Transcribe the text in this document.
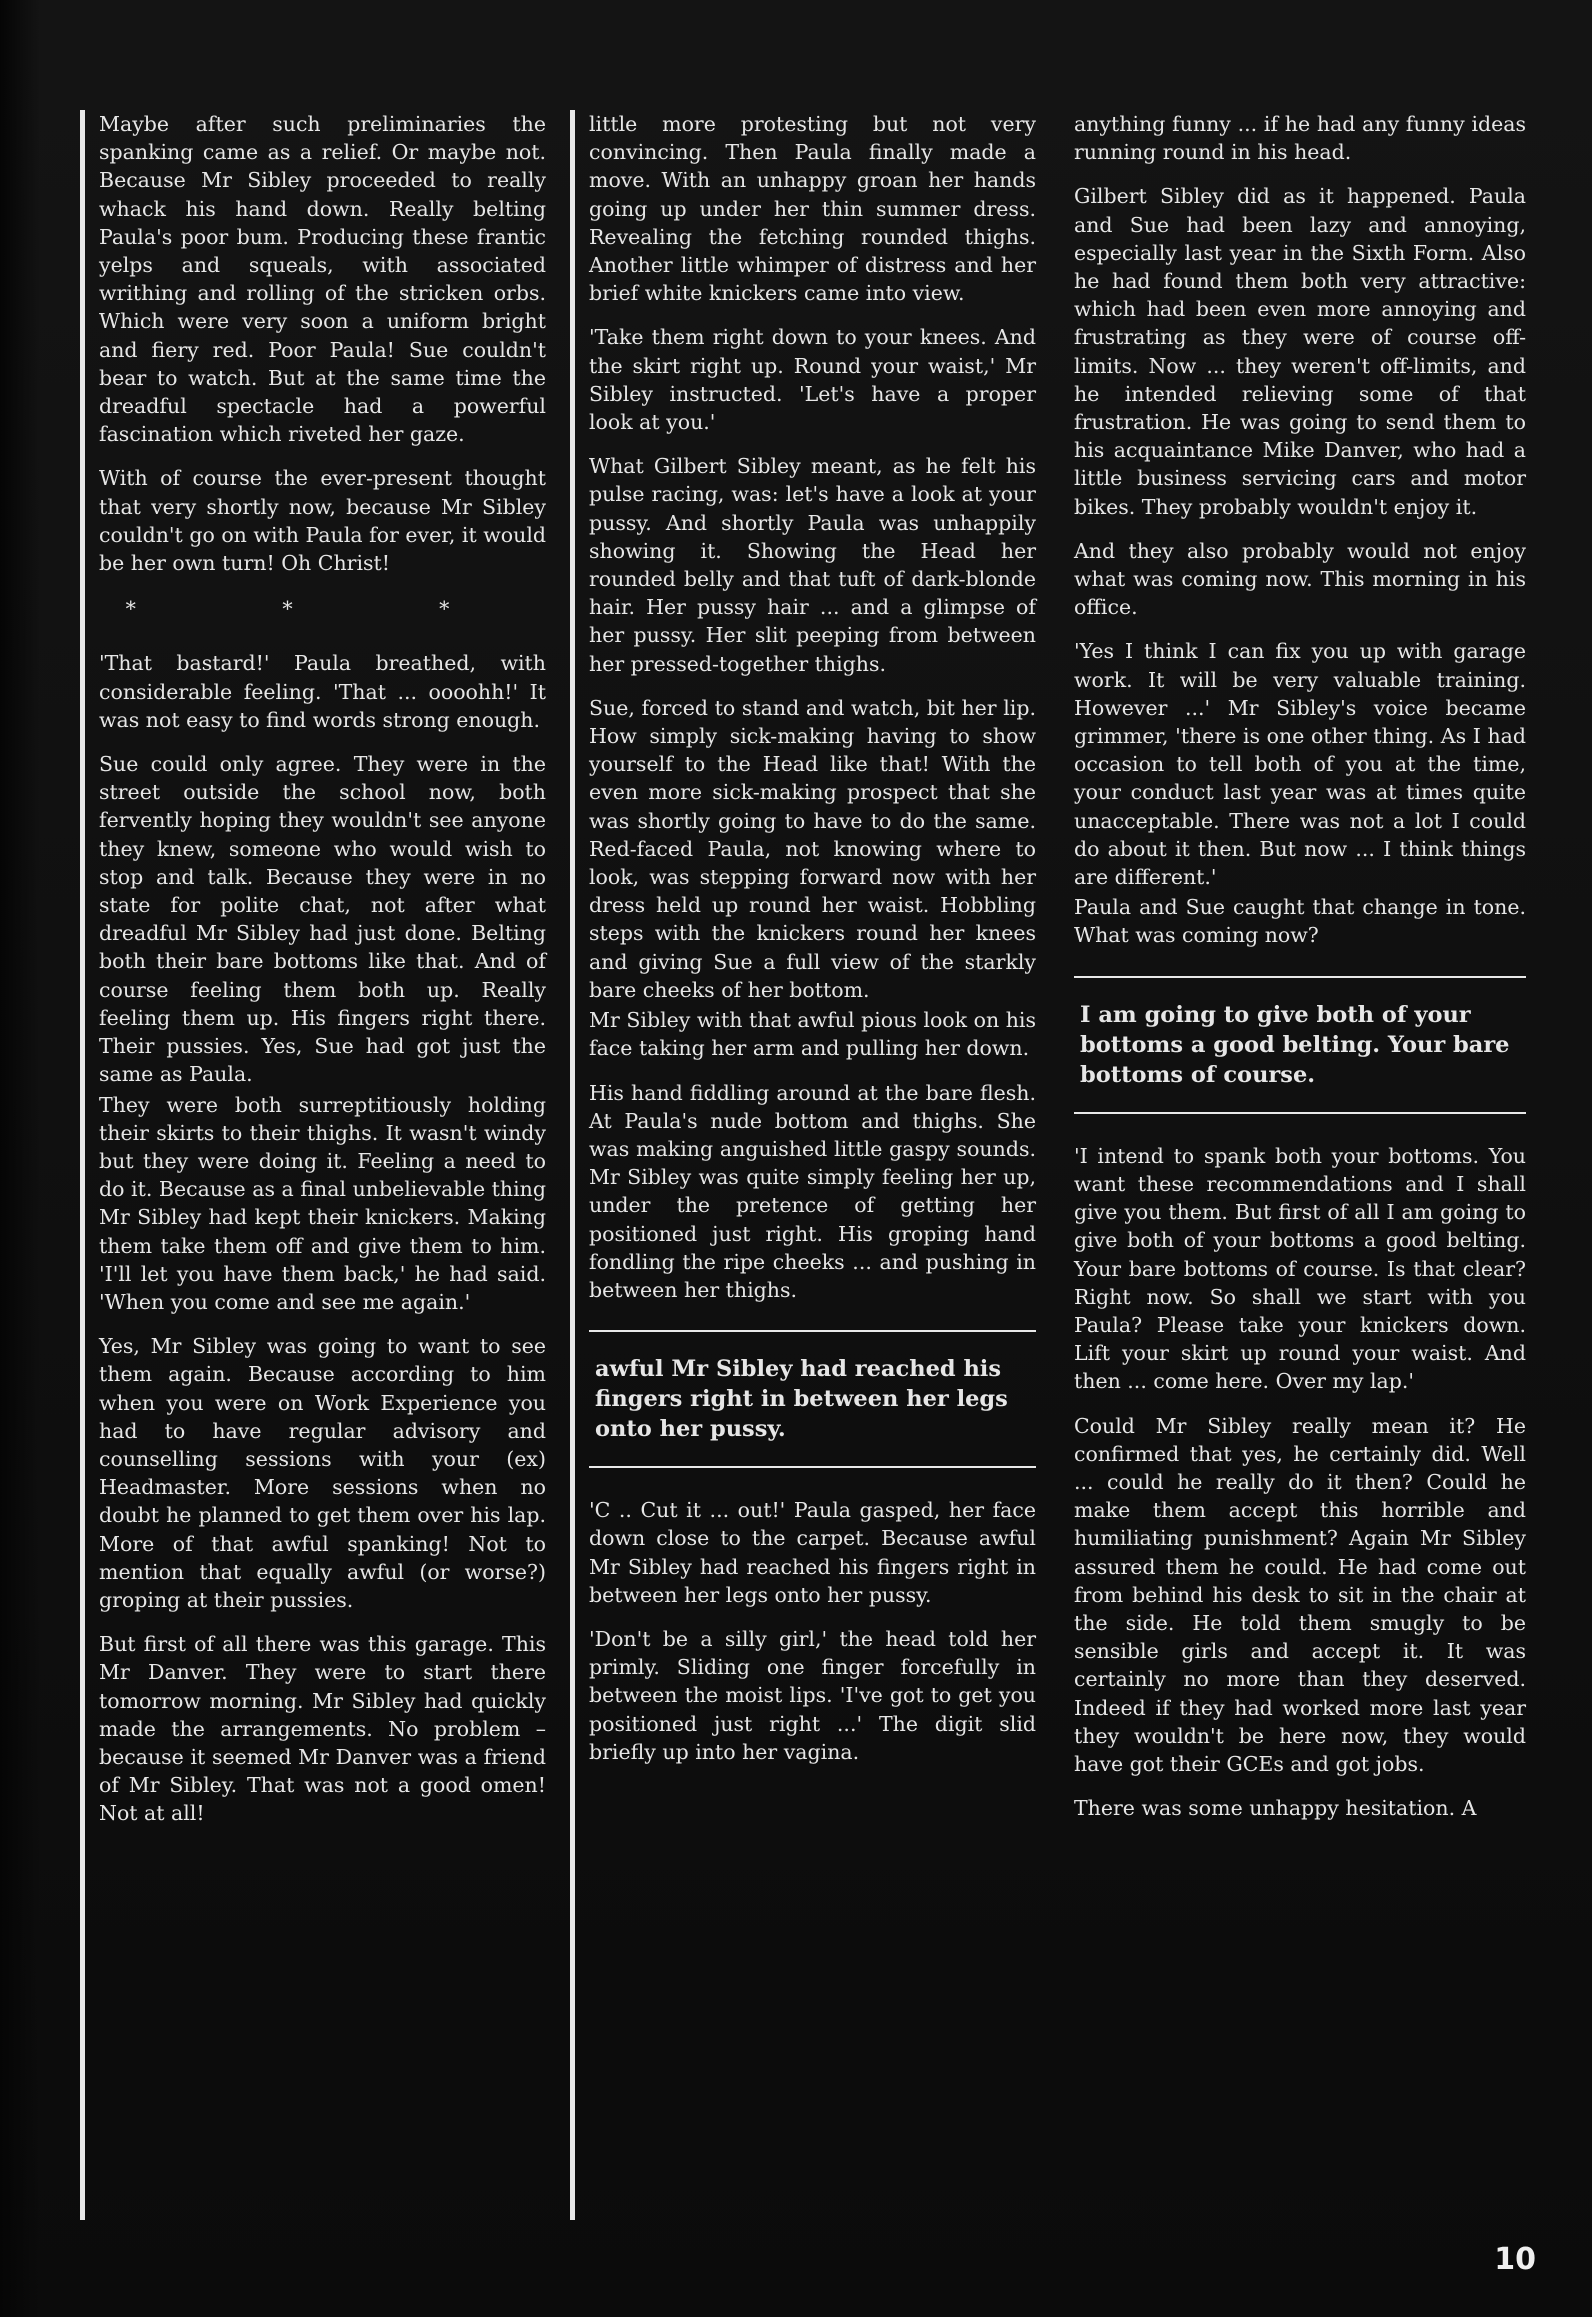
anything funny ... if he had any funny ideas running round in his head.

Gilbert Sibley did as it happened. Paula and Sue had been lazy and annoying, especially last year in the Sixth Form. Also he had found them both very attractive: which had been even more annoying and frustrating as they were of course off-limits. Now ... they weren't off-limits, and he intended relieving some of that frustration. He was going to send them to his acquaintance Mike Danver, who had a little business servicing cars and motor bikes. They probably wouldn't enjoy it.

And they also probably would not enjoy what was coming now. This morning in his office.

'Yes I think I can fix you up with garage work. It will be very valuable training. However ...' Mr Sibley's voice became grimmer, 'there is one other thing. As I had occasion to tell both of you at the time, your conduct last year was at times quite unacceptable. There was not a lot I could do about it then. But now ... I think things are different.'

Paula and Sue caught that change in tone. What was coming now?

I am going to give both of your bottoms a good belting. Your bare bottoms of course.

'I intend to spank both your bottoms. You want these recommendations and I shall give you them. But first of all I am going to give both of your bottoms a good belting. Your bare bottoms of course. Is that clear? Right now. So shall we start with you Paula? Please take your knickers down. Lift your skirt up round your waist. And then ... come here. Over my lap.'

Could Mr Sibley really mean it? He confirmed that yes, he certainly did. Well ... could he really do it then? Could he make them accept this horrible and humiliating punishment? Again Mr Sibley assured them he could. He had come out from behind his desk to sit in the chair at the side. He told them smugly to be sensible girls and accept it. It was certainly no more than they deserved. Indeed if they had worked more last year they wouldn't be here now, they would have got their GCEs and got jobs.

There was some unhappy hesitation. A

little more protesting but not very convincing. Then Paula finally made a move. With an unhappy groan her hands going up under her thin summer dress. Revealing the fetching rounded thighs. Another little whimper of distress and her brief white knickers came into view.

'Take them right down to your knees. And the skirt right up. Round your waist,' Mr Sibley instructed. 'Let's have a proper look at you.'

What Gilbert Sibley meant, as he felt his pulse racing, was: let's have a look at your pussy. And shortly Paula was unhappily showing it. Showing the Head her rounded belly and that tuft of dark-blonde hair. Her pussy hair ... and a glimpse of her pussy. Her slit peeping from between her pressed-together thighs.

Sue, forced to stand and watch, bit her lip. How simply sick-making having to show yourself to the Head like that! With the even more sick-making prospect that she was shortly going to have to do the same. Red-faced Paula, not knowing where to look, was stepping forward now with her dress held up round her waist. Hobbling steps with the knickers round her knees and giving Sue a full view of the starkly bare cheeks of her bottom.

Mr Sibley with that awful pious look on his face taking her arm and pulling her down.

His hand fiddling around at the bare flesh. At Paula's nude bottom and thighs. She was making anguished little gaspy sounds. Mr Sibley was quite simply feeling her up, under the pretence of getting her positioned just right. His groping hand fondling the ripe cheeks ... and pushing in between her thighs.

awful Mr Sibley had reached his fingers right in between her legs onto her pussy.

'C .. Cut it ... out!' Paula gasped, her face down close to the carpet. Because awful Mr Sibley had reached his fingers right in between her legs onto her pussy.

'Don't be a silly girl,' the head told her primly. Sliding one finger forcefully in between the moist lips. 'I've got to get you positioned just right ...' The digit slid briefly up into her vagina.

Maybe after such preliminaries the spanking came as a relief. Or maybe not. Because Mr Sibley proceeded to really whack his hand down. Really belting Paula's poor bum. Producing these frantic yelps and squeals, with associated writhing and rolling of the stricken orbs. Which were very soon a uniform bright and fiery red. Poor Paula! Sue couldn't bear to watch. But at the same time the dreadful spectacle had a powerful fascination which riveted her gaze.

With of course the ever-present thought that very shortly now, because Mr Sibley couldn't go on with Paula for ever, it would be her own turn! Oh Christ!

* * *

'That bastard!' Paula breathed, with considerable feeling. 'That ... oooohh!' It was not easy to find words strong enough.

Sue could only agree. They were in the street outside the school now, both fervently hoping they wouldn't see anyone they knew, someone who would wish to stop and talk. Because they were in no state for polite chat, not after what dreadful Mr Sibley had just done. Belting both their bare bottoms like that. And of course feeling them both up. Really feeling them up. His fingers right there. Their pussies. Yes, Sue had got just the same as Paula.

They were both surreptitiously holding their skirts to their thighs. It wasn't windy but they were doing it. Feeling a need to do it. Because as a final unbelievable thing Mr Sibley had kept their knickers. Making them take them off and give them to him. 'I'll let you have them back,' he had said. 'When you come and see me again.'

Yes, Mr Sibley was going to want to see them again. Because according to him when you were on Work Experience you had to have regular advisory and counselling sessions with your (ex) Headmaster. More sessions when no doubt he planned to get them over his lap. More of that awful spanking! Not to mention that equally awful (or worse?) groping at their pussies.

But first of all there was this garage. This Mr Danver. They were to start there tomorrow morning. Mr Sibley had quickly made the arrangements. No problem – because it seemed Mr Danver was a friend of Mr Sibley. That was not a good omen! Not at all!

10
